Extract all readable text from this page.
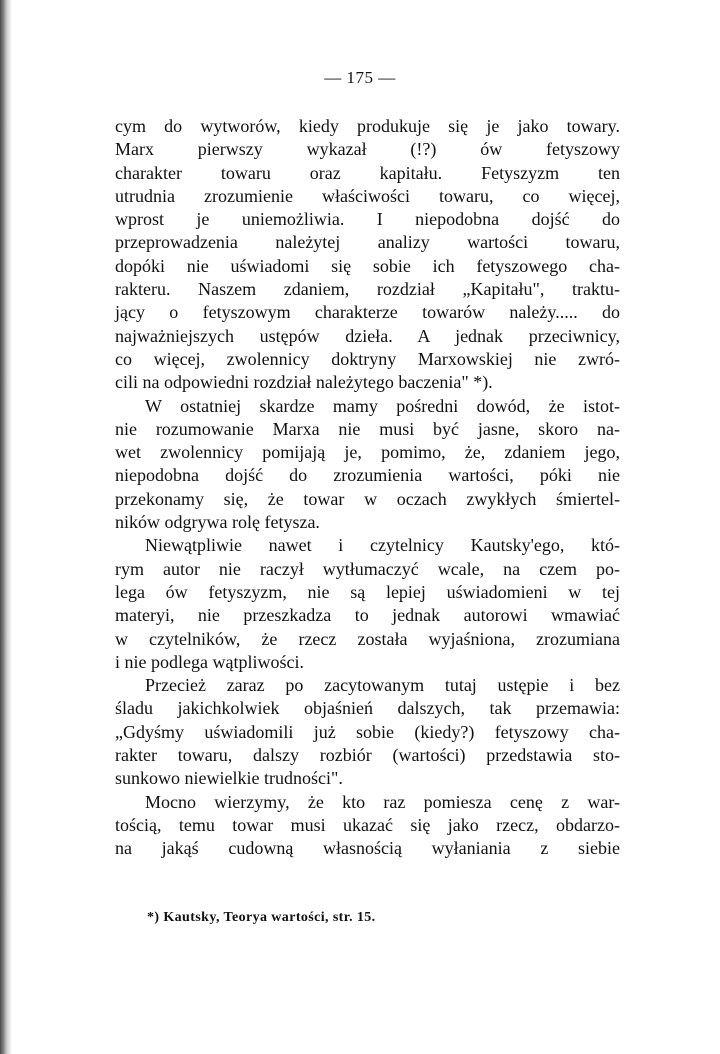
— 175 —
cym do wytworów, kiedy produkuje się je jako towary.
Marx pierwszy wykazał (!?) ów fetyszowy
charakter towaru oraz kapitału. Fetyszyzm ten
utrudnia zrozumienie właściwości towaru, co więcej,
wprost je uniemożliwia. I niepodobna dojść do
przeprowadzenia należytej analizy wartości towaru,
dopóki nie uświadomi się sobie ich fetyszowego cha-
rakteru. Naszem zdaniem, rozdział „Kapitału", traktu-
jący o fetyszowym charakterze towarów należy..... do
najważniejszych ustępów dzieła. A jednak przeciwnicy,
co więcej, zwolennicy doktryny Marxowskiej nie zwró-
cili na odpowiedni rozdział należytego baczenia" *).
W ostatniej skardze mamy pośredni dowód, że istot-
nie rozumowanie Marxa nie musi być jasne, skoro na-
wet zwolennicy pomijają je, pomimo, że, zdaniem jego,
niepodobna dojść do zrozumienia wartości, póki nie
przekonamy się, że towar w oczach zwykłych śmiertel-
ników odgrywa rolę fetysza.
Niewątpliwie nawet i czytelnicy Kautsky'ego, któ-
rym autor nie raczył wytłumaczyć wcale, na czem po-
lega ów fetyszyzm, nie są lepiej uświadomieni w tej
materyi, nie przeszkadza to jednak autorowi wmawiać
w czytelników, że rzecz została wyjaśniona, zrozumiana
i nie podlega wątpliwości.
Przecież zaraz po zacytowanym tutaj ustępie i bez
śladu jakichkolwiek objaśnień dalszych, tak przemawia:
„Gdyśmy uświadomili już sobie (kiedy?) fetyszowy cha-
rakter towaru, dalszy rozbiór (wartości) przedstawia sto-
sunkowo niewielkie trudności".
Mocno wierzymy, że kto raz pomiesza cenę z war-
tością, temu towar musi ukazać się jako rzecz, obdarzo-
na jakąś cudowną własnością wyłaniania z siebie
*) Kautsky, Teorya wartości, str. 15.
